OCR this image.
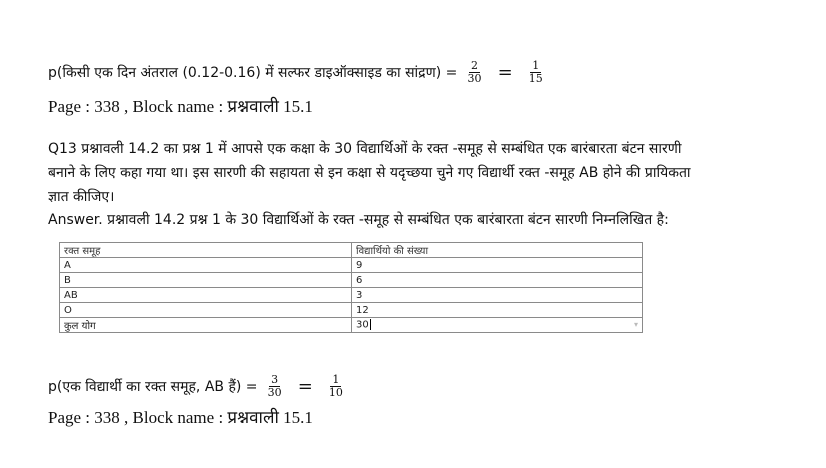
p(किसी एक दिन अंतराल (0.12-0.16) में सल्फर डाइऑक्साइड का सांद्रण) = $\frac{2}{30} = \frac{1}{15}$
Page : 338 , Block name : प्रश्नवाली 15.1
Q13 प्रश्नावली 14.2 का प्रश्न 1 में आपसे एक कक्षा के 30 विद्यार्थिओं के रक्त -समूह से सम्बंधित एक बारंबारता बंटन सारणी
बनाने के लिए कहा गया था। इस सारणी की सहायता से इन कक्षा से यदृच्छया चुने गए विद्यार्थी रक्त -समूह AB होने की प्रायिकता
ज्ञात कीजिए।
Answer. प्रश्नावली 14.2 प्रश्न 1 के 30 विद्यार्थिओं के रक्त -समूह से सम्बंधित एक बारंबारता बंटन सारणी निम्नलिखित है:
रक्त समूह	विद्यार्थियो की संख्या
A	9
B	6
AB	3
O	12
कुल योग	30 ▾
p(एक विद्यार्थी का रक्त समूह, AB हैं) = $\frac{3}{30} = \frac{1}{10}$
Page : 338 , Block name : प्रश्नवाली 15.1
